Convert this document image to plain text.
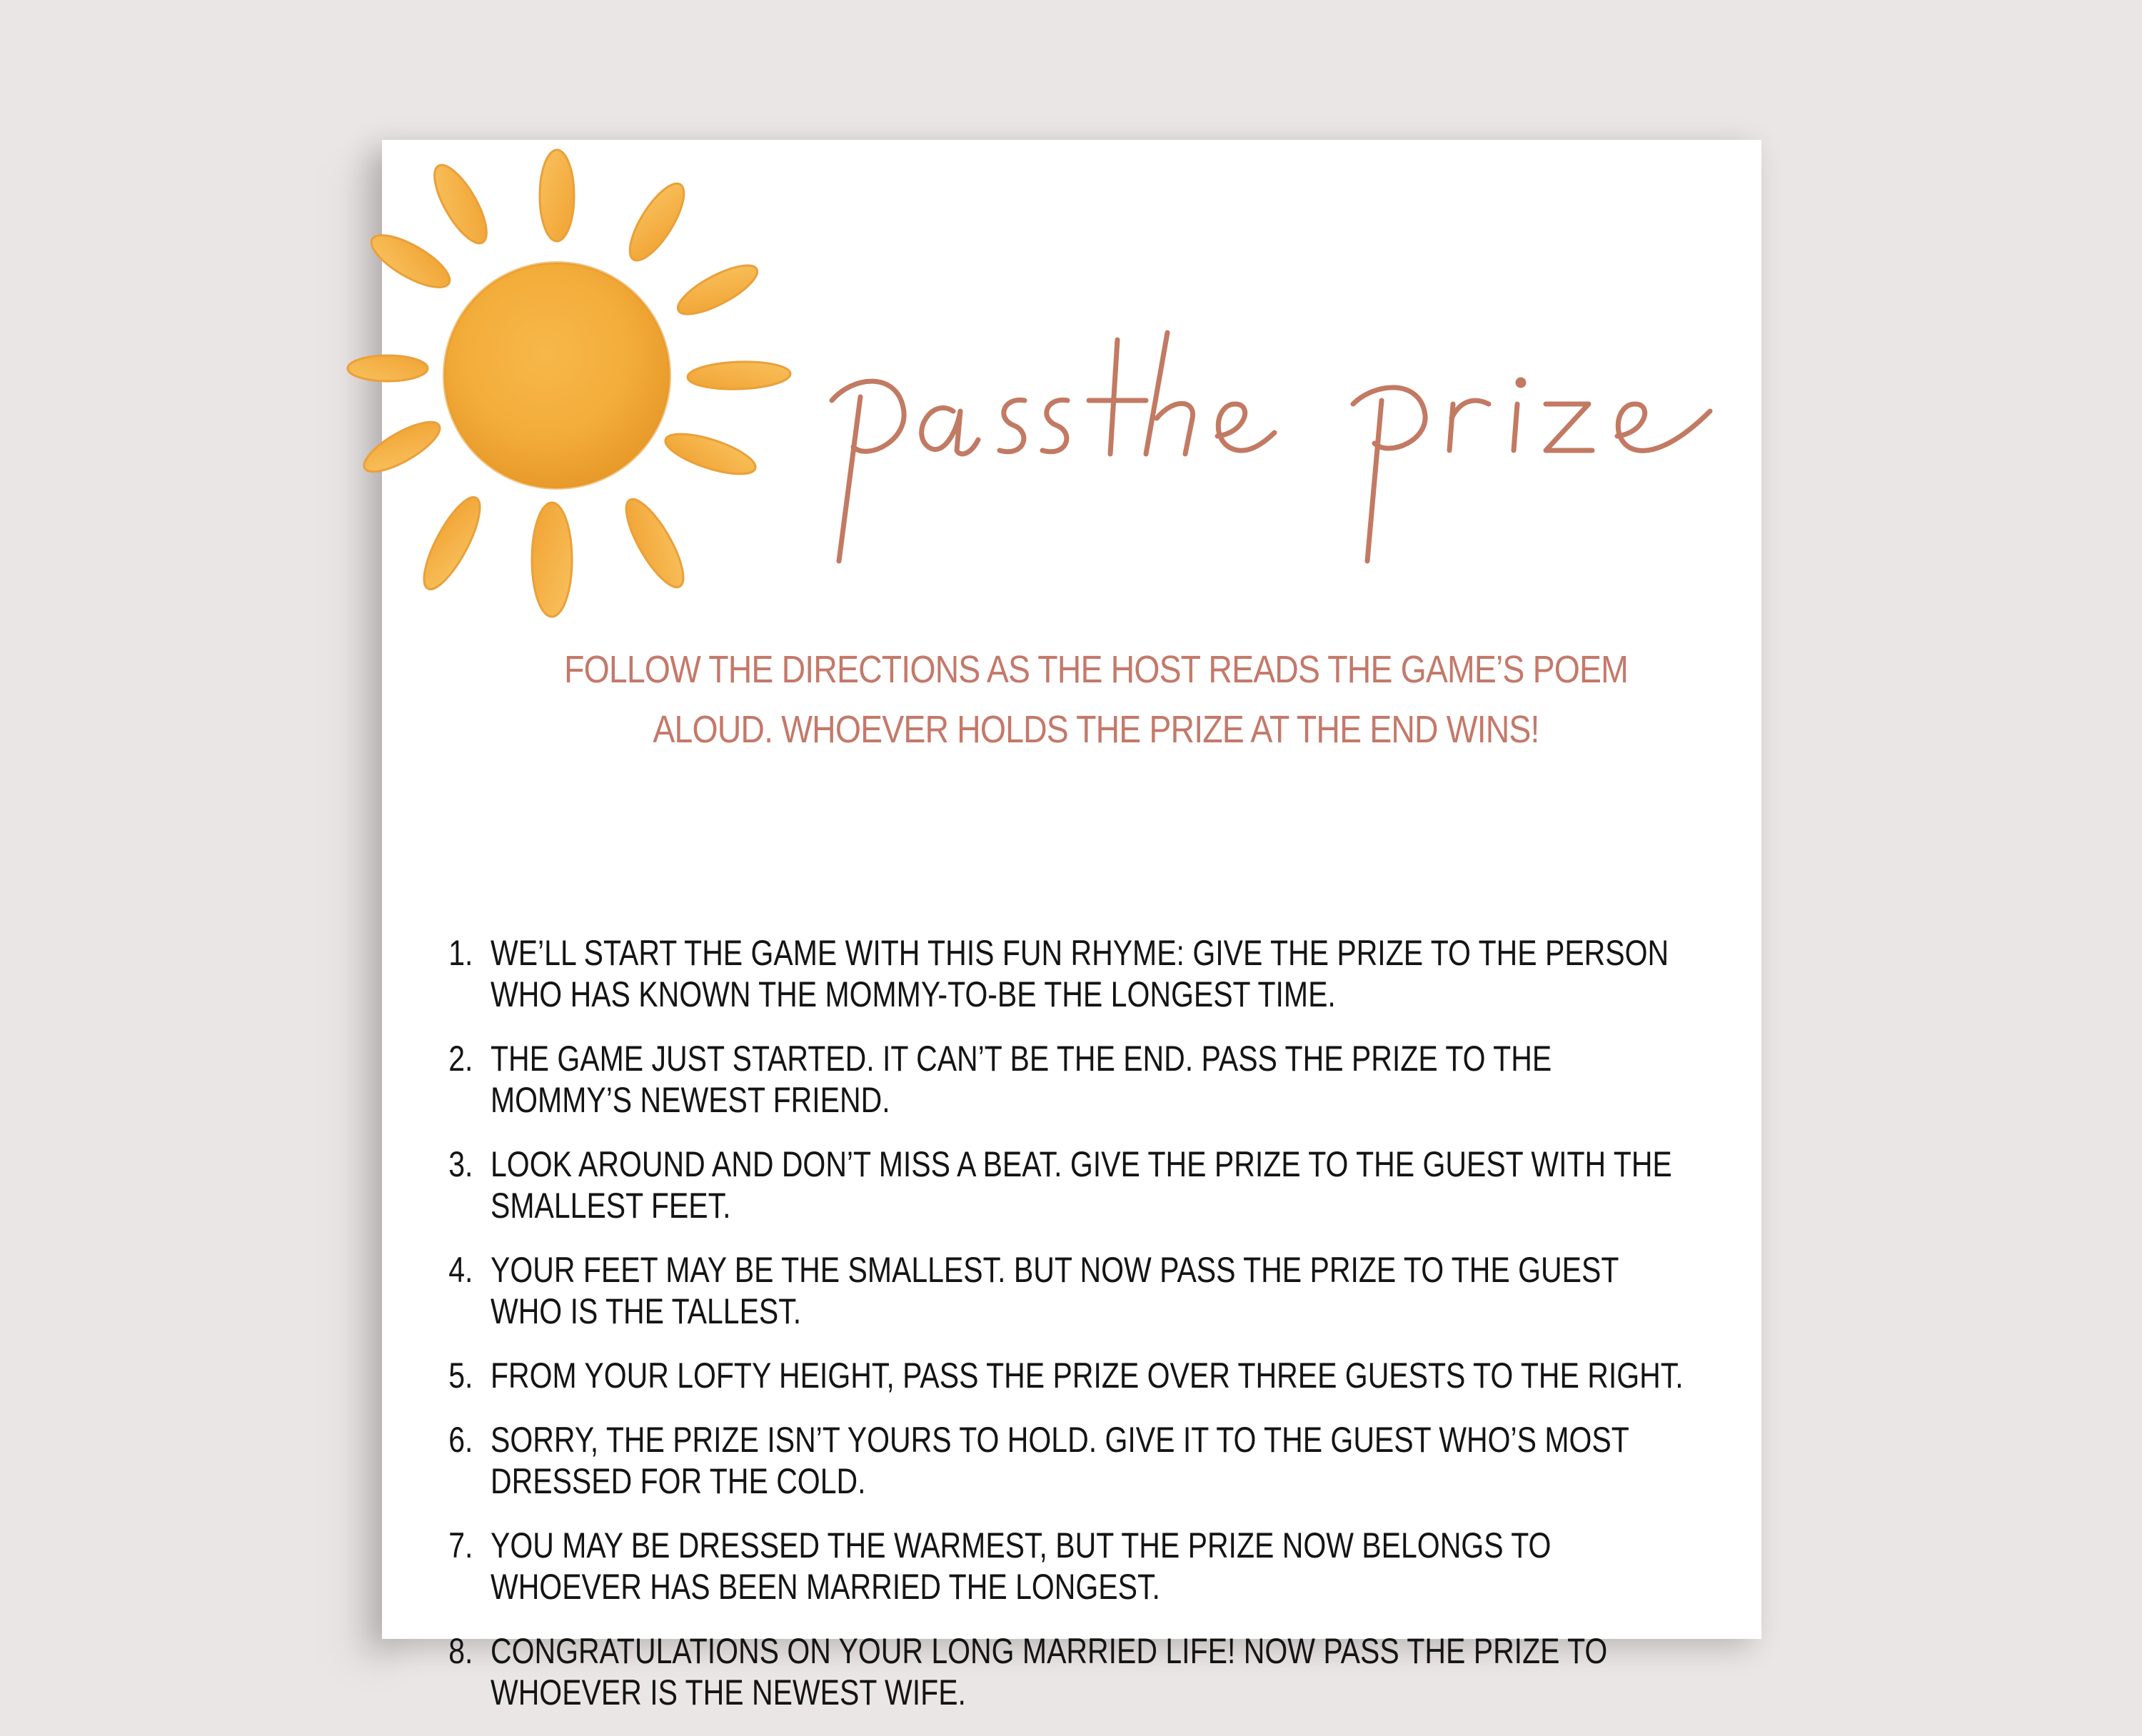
FOLLOW THE DIRECTIONS AS THE HOST READS THE GAME’S POEM ALOUD. WHOEVER HOLDS THE PRIZE AT THE END WINS!
1. WE’LL START THE GAME WITH THIS FUN RHYME: GIVE THE PRIZE TO THE PERSON WHO HAS KNOWN THE MOMMY-TO-BE THE LONGEST TIME.
2. THE GAME JUST STARTED. IT CAN’T BE THE END. PASS THE PRIZE TO THE MOMMY’S NEWEST FRIEND.
3. LOOK AROUND AND DON’T MISS A BEAT. GIVE THE PRIZE TO THE GUEST WITH THE SMALLEST FEET.
4. YOUR FEET MAY BE THE SMALLEST. BUT NOW PASS THE PRIZE TO THE GUEST WHO IS THE TALLEST.
5. FROM YOUR LOFTY HEIGHT, PASS THE PRIZE OVER THREE GUESTS TO THE RIGHT.
6. SORRY, THE PRIZE ISN’T YOURS TO HOLD. GIVE IT TO THE GUEST WHO’S MOST DRESSED FOR THE COLD.
7. YOU MAY BE DRESSED THE WARMEST, BUT THE PRIZE NOW BELONGS TO WHOEVER HAS BEEN MARRIED THE LONGEST.
8. CONGRATULATIONS ON YOUR LONG MARRIED LIFE! NOW PASS THE PRIZE TO WHOEVER IS THE NEWEST WIFE.
